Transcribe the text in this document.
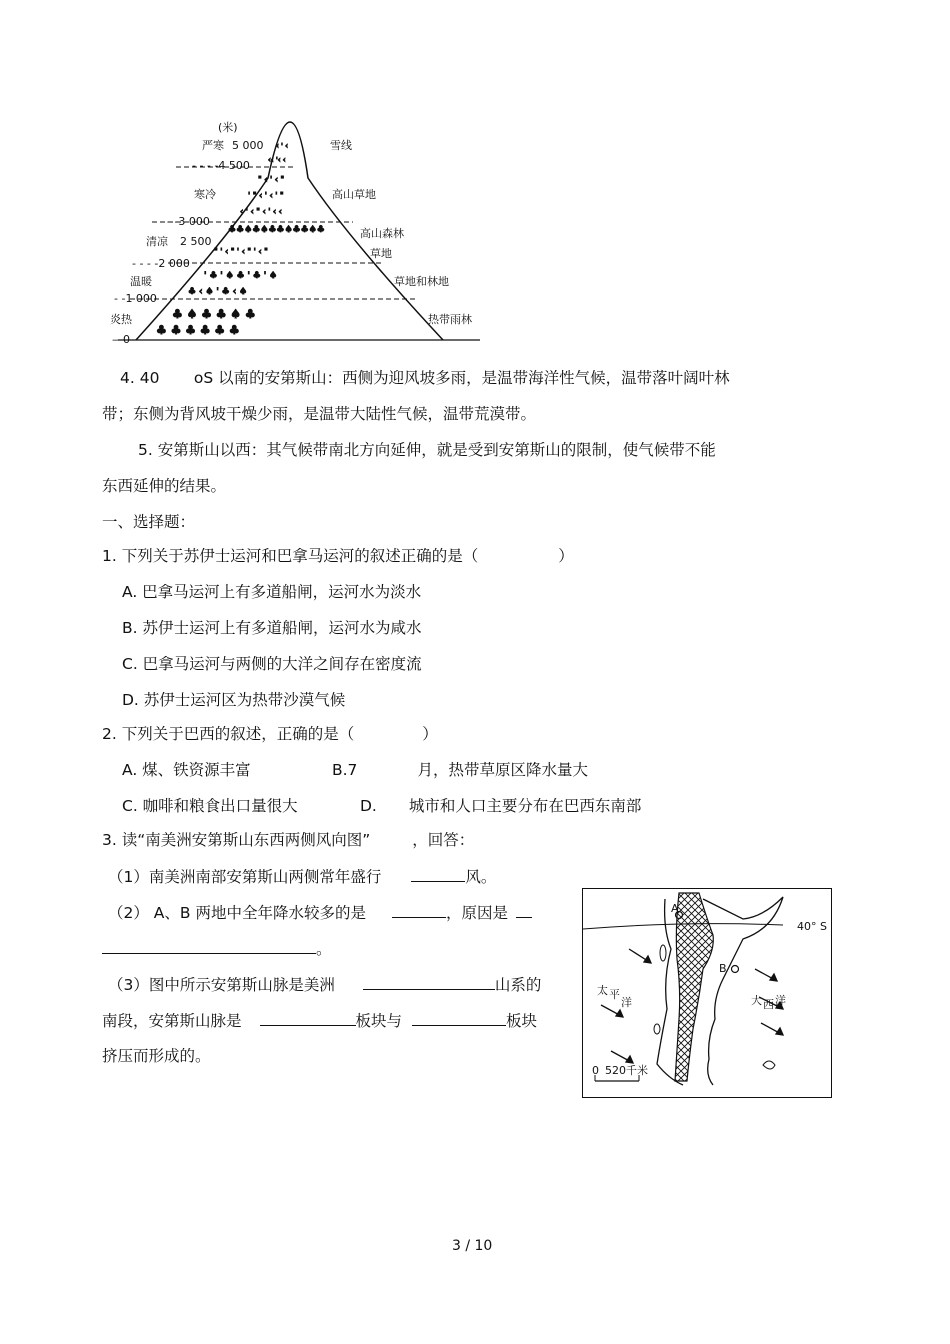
‹ ' ‹
‹‹ '‹ ‹
" ‹ ' ‹ "
' " ‹ ' ‹ ' "
‹ ' ‹ " ‹ ' ‹ ‹
♣♣♠♣♠♣♣♠♣♣♠♣
" ' ‹ " ' ‹ " ' ‹ "
' ♣ ' ♠ ♣ ' ♣ ' ♠
♣ ‹ ♠ ' ♣ ‹ ♠
♣ ♠ ♣ ♣ ♠ ♣
♣ ♣ ♣ ♣ ♣ ♣
(米)
严寒 5 000	雪线
- - - -4 500
寒冷	高山草地
- - - -3 000
高山森林
清凉 2 500
草地
- - - -2 000
温暖	草地和林地
- -1 000
炎热	热带雨林
—0
4. 40       oS 以南的安第斯山：西侧为迎风坡多雨，是温带海洋性气候，温带落叶阔叶林
带；东侧为背风坡干燥少雨，是温带大陆性气候，温带荒漠带。
5. 安第斯山以西：其气候带南北方向延伸，就是受到安第斯山的限制，使气候带不能
东西延伸的结果。
一、选择题：
1. 下列关于苏伊士运河和巴拿马运河的叙述正确的是（	）
A. 巴拿马运河上有多道船闸，运河水为淡水
B. 苏伊士运河上有多道船闸，运河水为咸水
C. 巴拿马运河与两侧的大洋之间存在密度流
D. 苏伊士运河区为热带沙漠气候
2. 下列关于巴西的叙述，正确的是（	）
A. 煤、铁资源丰富	B.7	月，热带草原区降水量大
C. 咖啡和粮食出口量很大	D. 城市和人口主要分布在巴西东南部
3. 读“南美洲安第斯山东西两侧风向图”	，回答：
（1）南美洲南部安第斯山两侧常年盛行	风。
（2） A、B 两地中全年降水较多的是	，原因是
。
（3）图中所示安第斯山脉是美洲	山系的
南段，安第斯山脉是	板块与	板块
挤压而形成的。
A
B
40° S
太 平
洋	大 西 洋
0 520千米
3 / 10
